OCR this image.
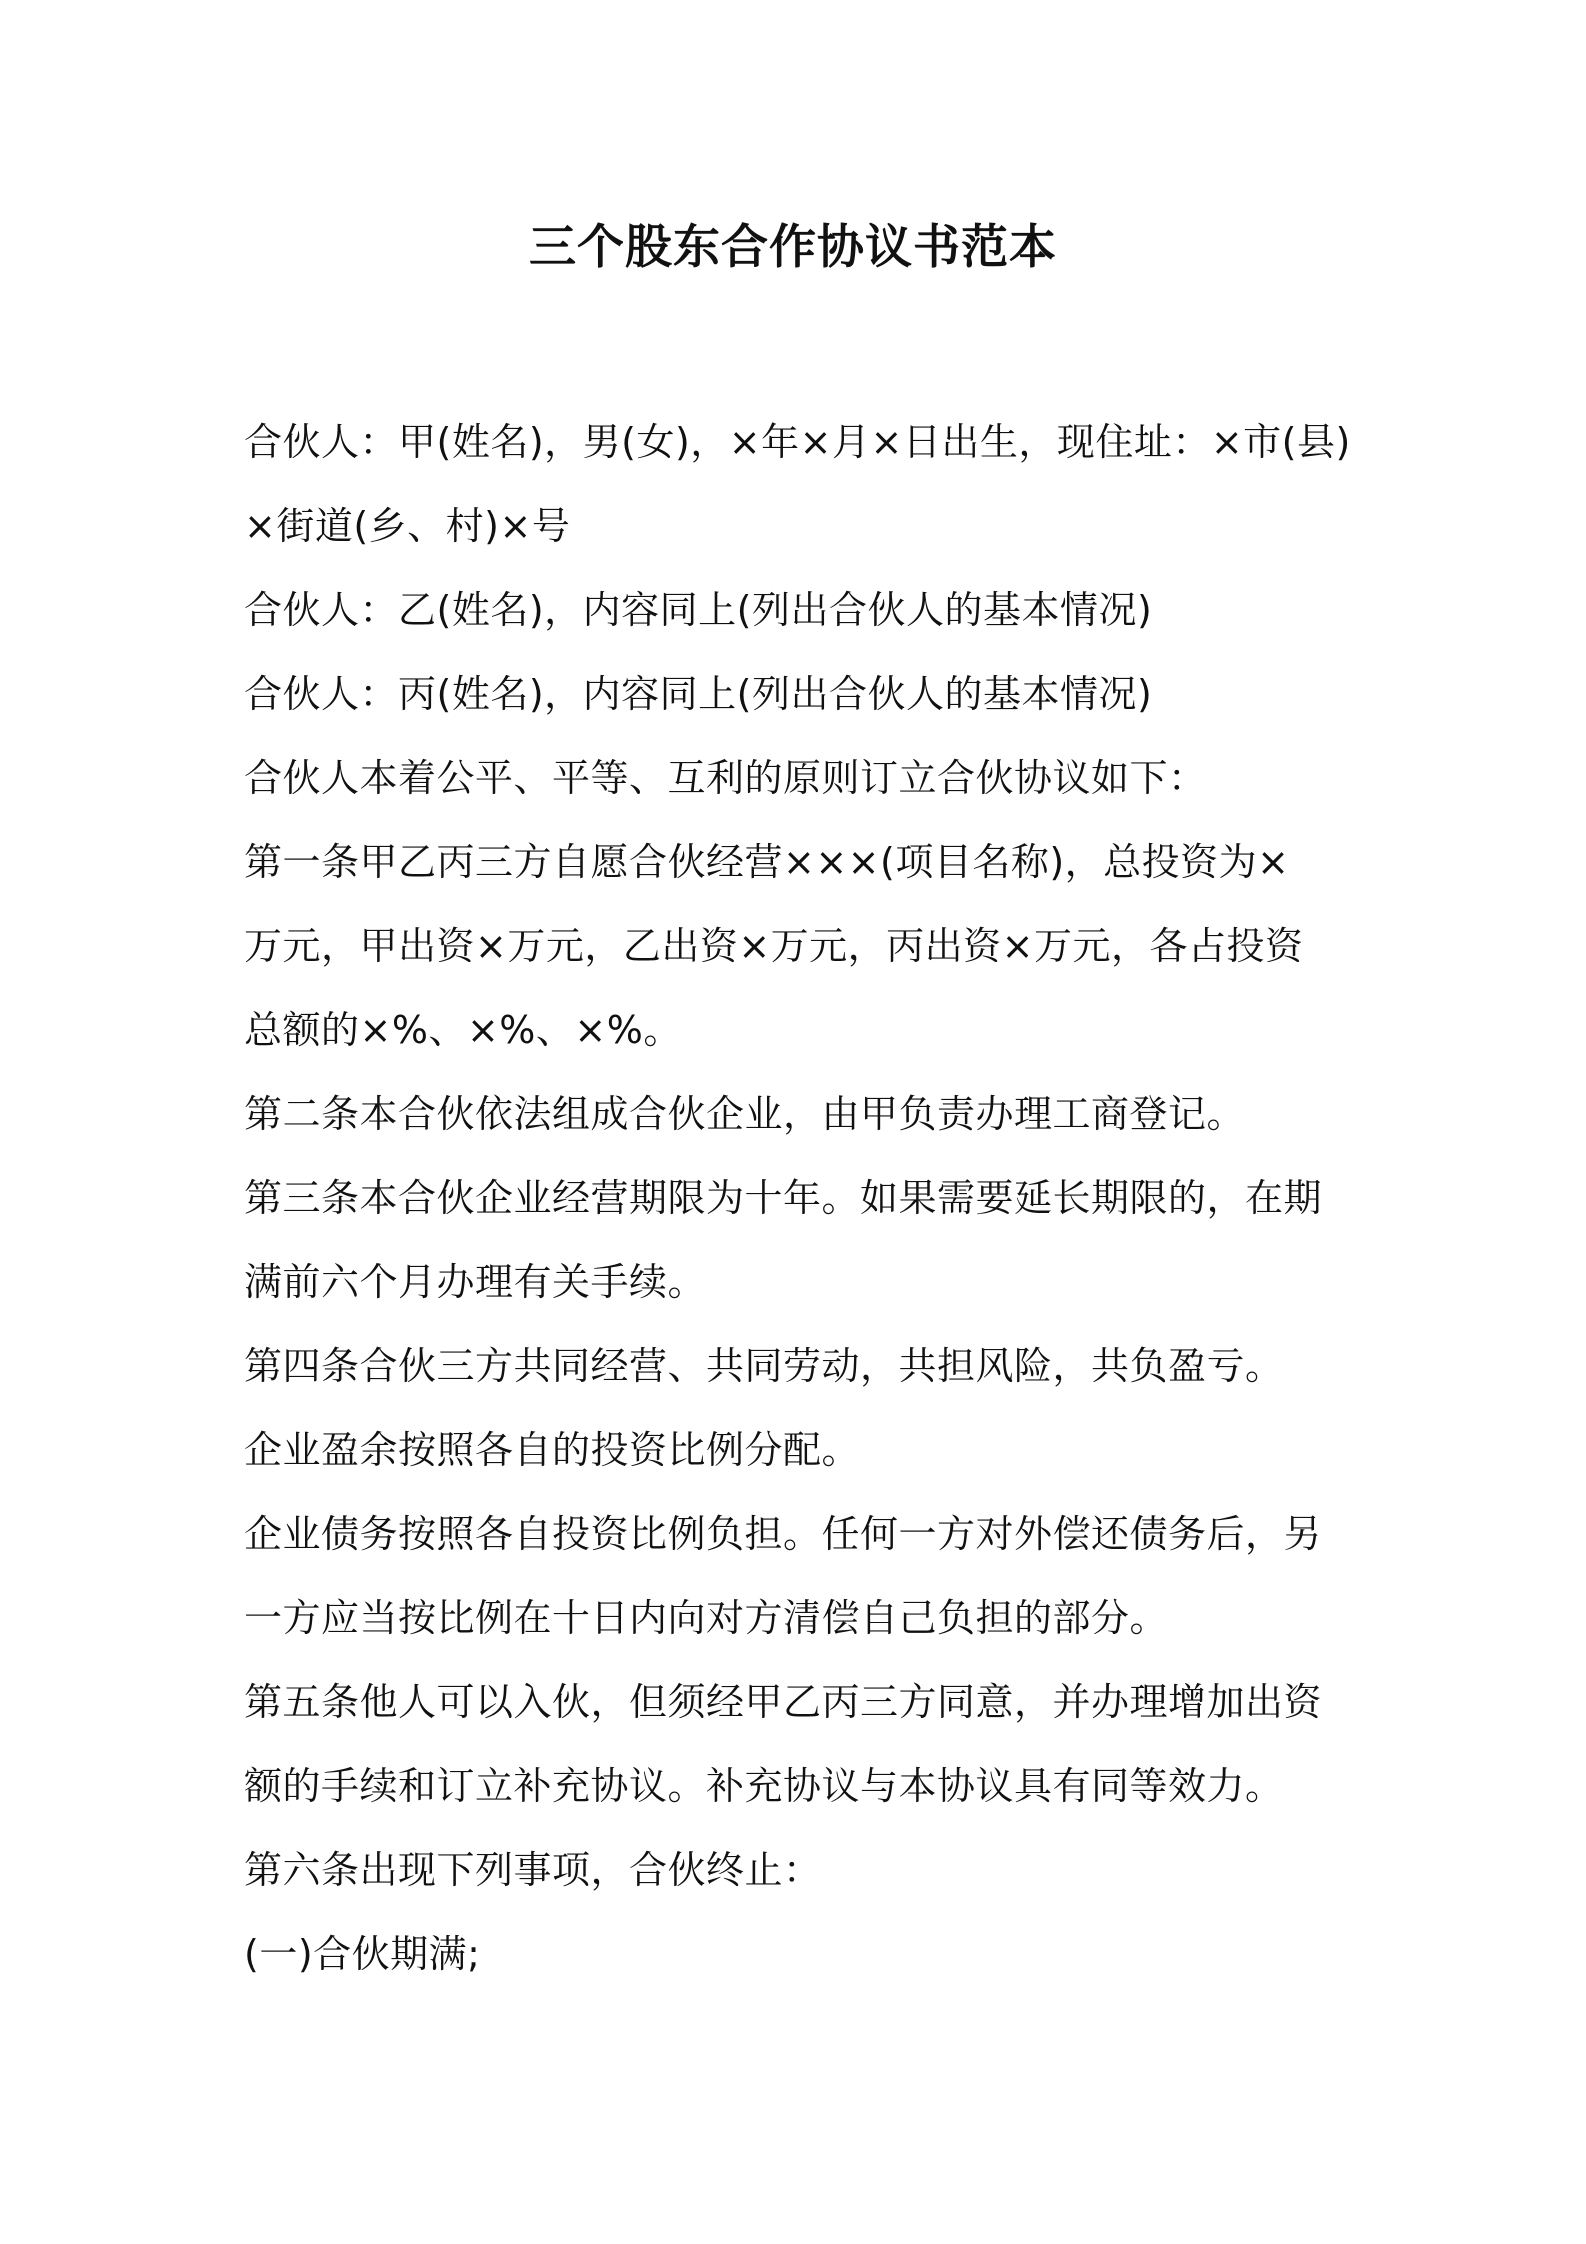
三个股东合作协议书范本
合伙人：甲(姓名)，男(女)，×年×月×日出生，现住址：×市(县)
×街道(乡、村)×号
合伙人：乙(姓名)，内容同上(列出合伙人的基本情况)
合伙人：丙(姓名)，内容同上(列出合伙人的基本情况)
合伙人本着公平、平等、互利的原则订立合伙协议如下：
第一条甲乙丙三方自愿合伙经营×××(项目名称)，总投资为×
万元，甲出资×万元，乙出资×万元，丙出资×万元，各占投资
总额的×%、×%、×%。
第二条本合伙依法组成合伙企业，由甲负责办理工商登记。
第三条本合伙企业经营期限为十年。如果需要延长期限的，在期
满前六个月办理有关手续。
第四条合伙三方共同经营、共同劳动，共担风险，共负盈亏。
企业盈余按照各自的投资比例分配。
企业债务按照各自投资比例负担。任何一方对外偿还债务后，另
一方应当按比例在十日内向对方清偿自己负担的部分。
第五条他人可以入伙，但须经甲乙丙三方同意，并办理增加出资
额的手续和订立补充协议。补充协议与本协议具有同等效力。
第六条出现下列事项，合伙终止：
(一)合伙期满;
